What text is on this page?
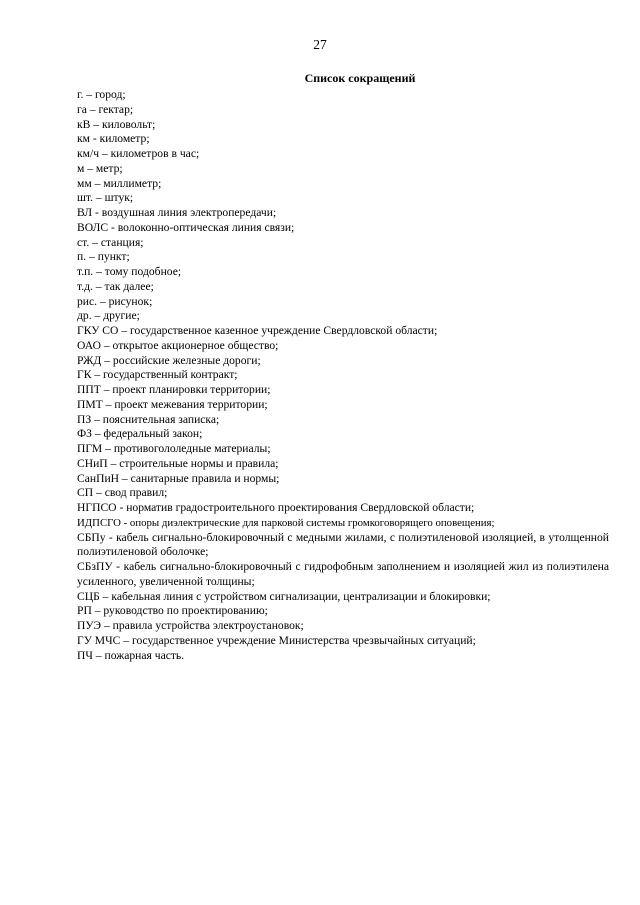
27
Список сокращений
г. – город;
га – гектар;
кВ – киловольт;
км - километр;
км/ч – километров в час;
м – метр;
мм – миллиметр;
шт. – штук;
ВЛ - воздушная линия электропередачи;
ВОЛС - волоконно-оптическая линия связи;
ст. – станция;
п. – пункт;
т.п. – тому подобное;
т.д. – так далее;
рис. – рисунок;
др. – другие;
ГКУ СО – государственное казенное учреждение Свердловской области;
ОАО – открытое акционерное общество;
РЖД – российские железные дороги;
ГК – государственный контракт;
ППТ – проект планировки территории;
ПМТ – проект межевания территории;
ПЗ – пояснительная записка;
ФЗ – федеральный закон;
ПГМ – противогололедные материалы;
СНиП – строительные нормы и правила;
СанПиН – санитарные правила и нормы;
СП – свод правил;
НГПСО - норматив градостроительного проектирования Свердловской области;
ИДПСГО - опоры диэлектрические для парковой системы громкоговорящего оповещения;
СБПу - кабель сигнально-блокировочный с медными жилами, с полиэтиленовой изоляцией, в утолщенной полиэтиленовой оболочке;
СБзПУ - кабель сигнально-блокировочный с гидрофобным заполнением и изоляцией жил из полиэтилена усиленного, увеличенной толщины;
СЦБ – кабельная линия с устройством сигнализации, централизации и блокировки;
РП – руководство по проектированию;
ПУЭ – правила устройства электроустановок;
ГУ МЧС – государственное учреждение Министерства чрезвычайных ситуаций;
ПЧ – пожарная часть.
